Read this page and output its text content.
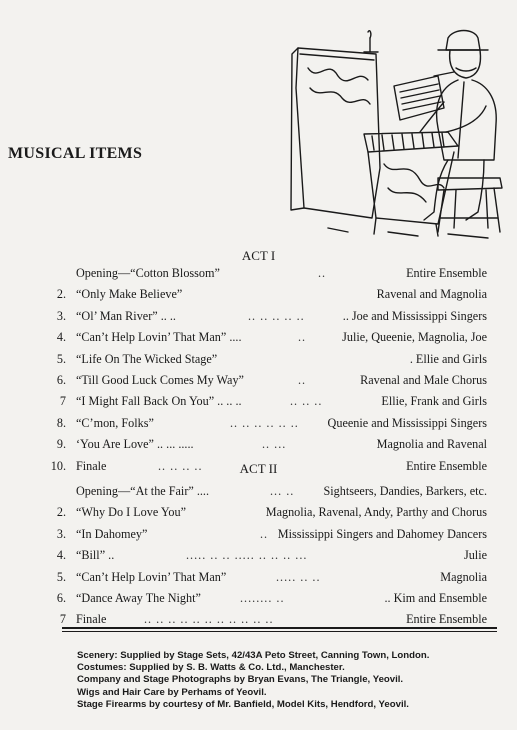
MUSICAL ITEMS
ACT I
Opening—“Cotton Blossom”	..	Entire Ensemble
2. “Only Make Believe”	Ravenal and Magnolia
3. “Ol’ Man River” .. ..	.. .. .. .. ..	.. Joe and Mississippi Singers
4. “Can’t Help Lovin’ That Man” ....	..	Julie, Queenie, Magnolia, Joe
5. “Life On The Wicked Stage”	. Ellie and Girls
6. “Till Good Luck Comes My Way”	..	Ravenal and Male Chorus
7 “I Might Fall Back On You” .. .. ..	.. .. ..	Ellie, Frank and Girls
8. “C’mon, Folks”	.. .. .. .. .. .. Queenie and Mississippi Singers
9. ‘You Are Love” .. ... .....	.. ...	Magnolia and Ravenal
10. Finale	.. .. .. ..	Entire Ensemble
ACT II
Opening—“At the Fair” ....	... .. Sightseers, Dandies, Barkers, etc.
2. “Why Do I Love You”	Magnolia, Ravenal, Andy, Parthy and Chorus
3. “In Dahomey”	.. Mississippi Singers and Dahomey Dancers
4. “Bill” ..	..... .. .. ..... .. .. .. ...	Julie
5. “Can’t Help Lovin’ That Man”	..... .. ..	Magnolia
6. “Dance Away The Night”	........ ..	.. Kim and Ensemble
7 Finale	.. .. .. .. .. .. .. .. .. .. ..	Entire Ensemble
Scenery: Supplied by Stage Sets, 42/43A Peto Street, Canning Town, London.
Costumes: Supplied by S. B. Watts & Co. Ltd., Manchester.
Company and Stage Photographs by Bryan Evans, The Triangle, Yeovil.
Wigs and Hair Care by Perhams of Yeovil.
Stage Firearms by courtesy of Mr. Banfield, Model Kits, Hendford, Yeovil.
